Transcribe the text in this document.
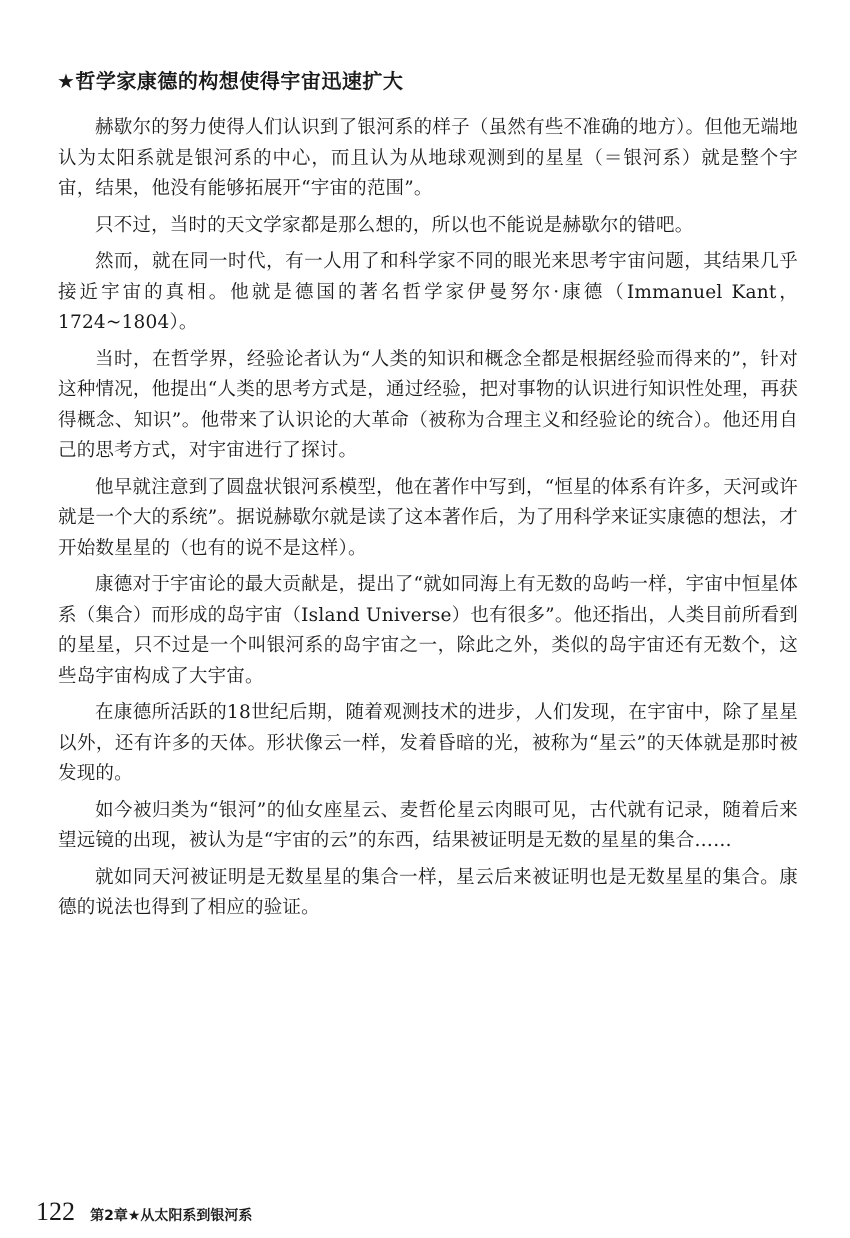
★哲学家康德的构想使得宇宙迅速扩大

赫歇尔的努力使得人们认识到了银河系的样子（虽然有些不准确的地方）。但他无端地认为太阳系就是银河系的中心，而且认为从地球观测到的星星（＝银河系）就是整个宇宙，结果，他没有能够拓展开“宇宙的范围”。

只不过，当时的天文学家都是那么想的，所以也不能说是赫歇尔的错吧。

然而，就在同一时代，有一人用了和科学家不同的眼光来思考宇宙问题，其结果几乎接近宇宙的真相。他就是德国的著名哲学家伊曼努尔·康德（Immanuel Kant，1724~1804）。

当时，在哲学界，经验论者认为“人类的知识和概念全都是根据经验而得来的”，针对这种情况，他提出“人类的思考方式是，通过经验，把对事物的认识进行知识性处理，再获得概念、知识”。他带来了认识论的大革命（被称为合理主义和经验论的统合）。他还用自己的思考方式，对宇宙进行了探讨。

他早就注意到了圆盘状银河系模型，他在著作中写到，“恒星的体系有许多，天河或许就是一个大的系统”。据说赫歇尔就是读了这本著作后，为了用科学来证实康德的想法，才开始数星星的（也有的说不是这样）。

康德对于宇宙论的最大贡献是，提出了“就如同海上有无数的岛屿一样，宇宙中恒星体系（集合）而形成的岛宇宙（Island Universe）也有很多”。他还指出，人类目前所看到的星星，只不过是一个叫银河系的岛宇宙之一，除此之外，类似的岛宇宙还有无数个，这些岛宇宙构成了大宇宙。

在康德所活跃的18世纪后期，随着观测技术的进步，人们发现，在宇宙中，除了星星以外，还有许多的天体。形状像云一样，发着昏暗的光，被称为“星云”的天体就是那时被发现的。

如今被归类为“银河”的仙女座星云、麦哲伦星云肉眼可见，古代就有记录，随着后来望远镜的出现，被认为是“宇宙的云”的东西，结果被证明是无数的星星的集合……

就如同天河被证明是无数星星的集合一样，星云后来被证明也是无数星星的集合。康德的说法也得到了相应的验证。

122 第2章★从太阳系到银河系
